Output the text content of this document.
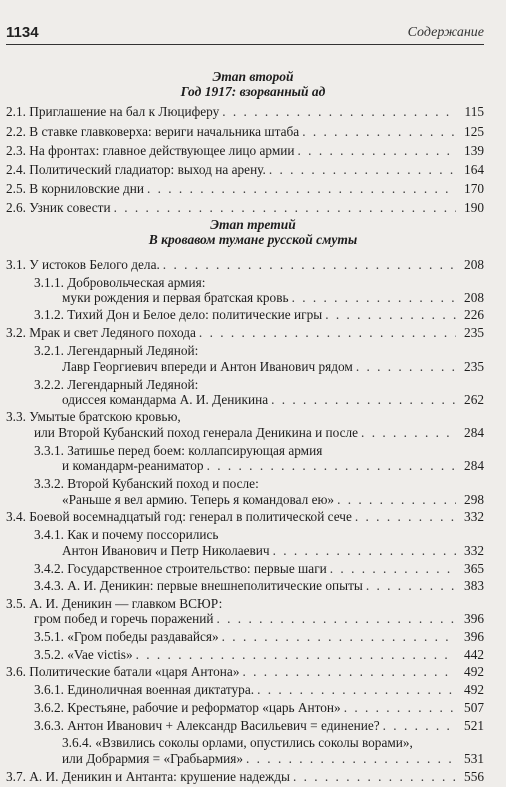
1134	Содержание
Этап второй
Год 1917: взорванный ад
Этап третий
В кровавом тумане русской смуты
2.1. Приглашение на бал к Люциферу . . .	115
2.2. В ставке главковерха: вериги начальника штаба . . .	125
2.3. На фронтах: главное действующее лицо армии . . .	139
2.4. Политический гладиатор: выход на арену. . . .	164
2.5. В корниловские дни . . .	170
2.6. Узник совести . . .	190
3.1. У истоков Белого дела. . . .	208
3.1.1. Добровольческая армия:
муки рождения и первая братская кровь . . .	208
3.1.2. Тихий Дон и Белое дело: политические игры . . .	226
3.2. Мрак и свет Ледяного похода . . .	235
3.2.1. Легендарный Ледяной:
Лавр Георгиевич впереди и Антон Иванович рядом . . .	235
3.2.2. Легендарный Ледяной:
одиссея командарма А. И. Деникина . . .	262
3.3. Умытые братскою кровью,
или Второй Кубанский поход генерала Деникина и после . . .	284
3.3.1. Затишье перед боем: коллапсирующая армия
и командарм-реаниматор . . .	284
3.3.2. Второй Кубанский поход и после:
«Раньше я вел армию. Теперь я командовал ею» . . .	298
3.4. Боевой восемнадцатый год: генерал в политической сече . . .	332
3.4.1. Как и почему поссорились
Антон Иванович и Петр Николаевич . . .	332
3.4.2. Государственное строительство: первые шаги . . .	365
3.4.3. А. И. Деникин: первые внешнеполитические опыты . . .	383
3.5. А. И. Деникин — главком ВСЮР:
гром побед и горечь поражений . . .	396
3.5.1. «Гром победы раздавайся» . . .	396
3.5.2. «Vae victis» . . .	442
3.6. Политические батали «царя Антона» . . .	492
3.6.1. Единоличная военная диктатура. . . .	492
3.6.2. Крестьяне, рабочие и реформатор «царь Антон» . . .	507
3.6.3. Антон Иванович + Александр Васильевич = единение? . . .	521
3.6.4. «Взвились соколы орлами, опустились соколы ворами»,
или Добрармия = «Грабьармия» . . .	531
3.7. А. И. Деникин и Антанта: крушение надежды . . .	556
